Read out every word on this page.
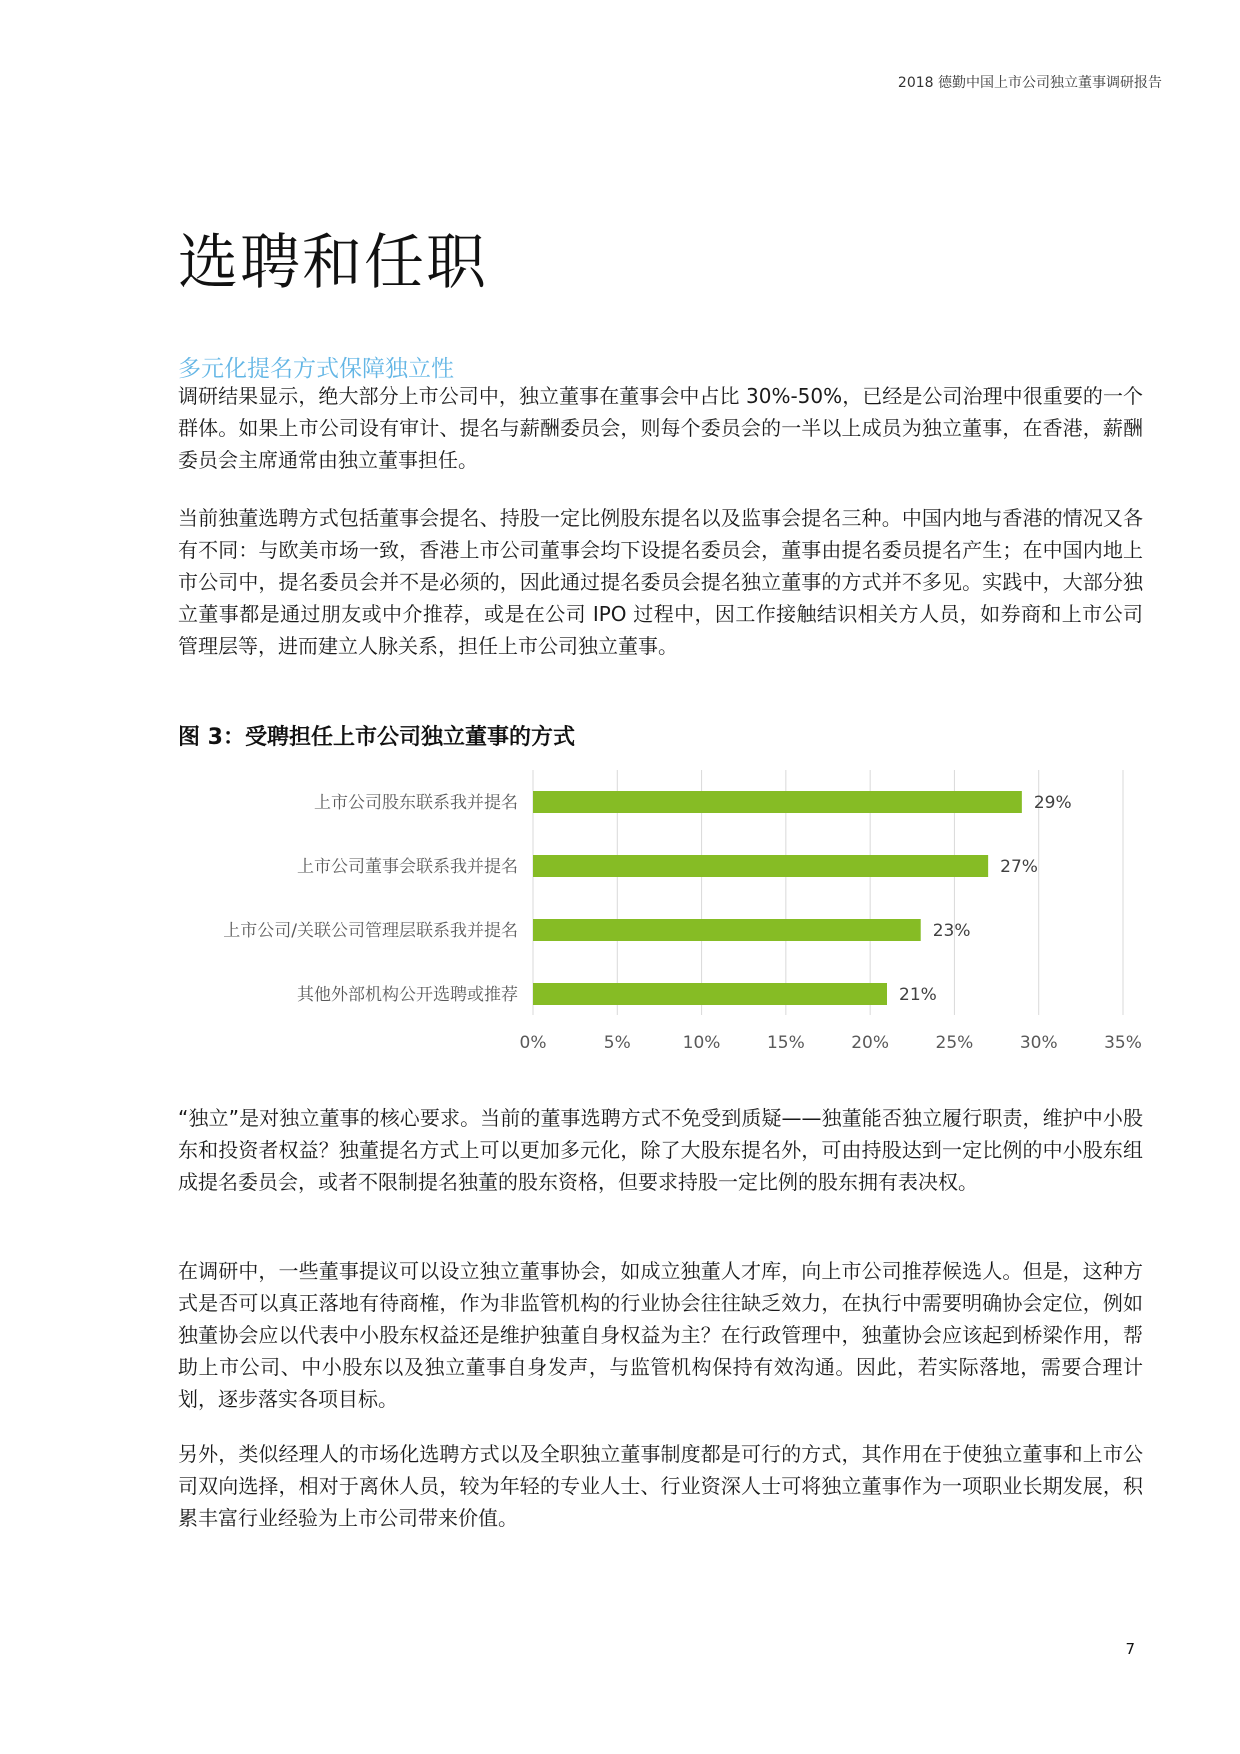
2018 德勤中国上市公司独立董事调研报告
选聘和任职
多元化提名方式保障独立性

调研结果显示，绝大部分上市公司中，独立董事在董事会中占比 30%-50%，已经是公司治理中很重要的一个群体。如果上市公司设有审计、提名与薪酬委员会，则每个委员会的一半以上成员为独立董事，在香港，薪酬委员会主席通常由独立董事担任。

当前独董选聘方式包括董事会提名、持股一定比例股东提名以及监事会提名三种。中国内地与香港的情况又各有不同：与欧美市场一致，香港上市公司董事会均下设提名委员会，董事由提名委员提名产生；在中国内地上市公司中，提名委员会并不是必须的，因此通过提名委员会提名独立董事的方式并不多见。实践中，大部分独立董事都是通过朋友或中介推荐，或是在公司 IPO 过程中，因工作接触结识相关方人员，如券商和上市公司管理层等，进而建立人脉关系，担任上市公司独立董事。

图 3：受聘担任上市公司独立董事的方式
上市公司股东联系我并提名	29%
上市公司董事会联系我并提名	27%
上市公司/关联公司管理层联系我并提名	23%
其他外部机构公开选聘或推荐	21%
0%	5%	10%	15%	20%	25%	30%	35%

“独立”是对独立董事的核心要求。当前的董事选聘方式不免受到质疑——独董能否独立履行职责，维护中小股东和投资者权益？独董提名方式上可以更加多元化，除了大股东提名外，可由持股达到一定比例的中小股东组成提名委员会，或者不限制提名独董的股东资格，但要求持股一定比例的股东拥有表决权。

在调研中，一些董事提议可以设立独立董事协会，如成立独董人才库，向上市公司推荐候选人。但是，这种方式是否可以真正落地有待商榷，作为非监管机构的行业协会往往缺乏效力，在执行中需要明确协会定位，例如独董协会应以代表中小股东权益还是维护独董自身权益为主？在行政管理中，独董协会应该起到桥梁作用，帮助上市公司、中小股东以及独立董事自身发声，与监管机构保持有效沟通。因此，若实际落地，需要合理计划，逐步落实各项目标。

另外，类似经理人的市场化选聘方式以及全职独立董事制度都是可行的方式，其作用在于使独立董事和上市公司双向选择，相对于离休人员，较为年轻的专业人士、行业资深人士可将独立董事作为一项职业长期发展，积累丰富行业经验为上市公司带来价值。

7
